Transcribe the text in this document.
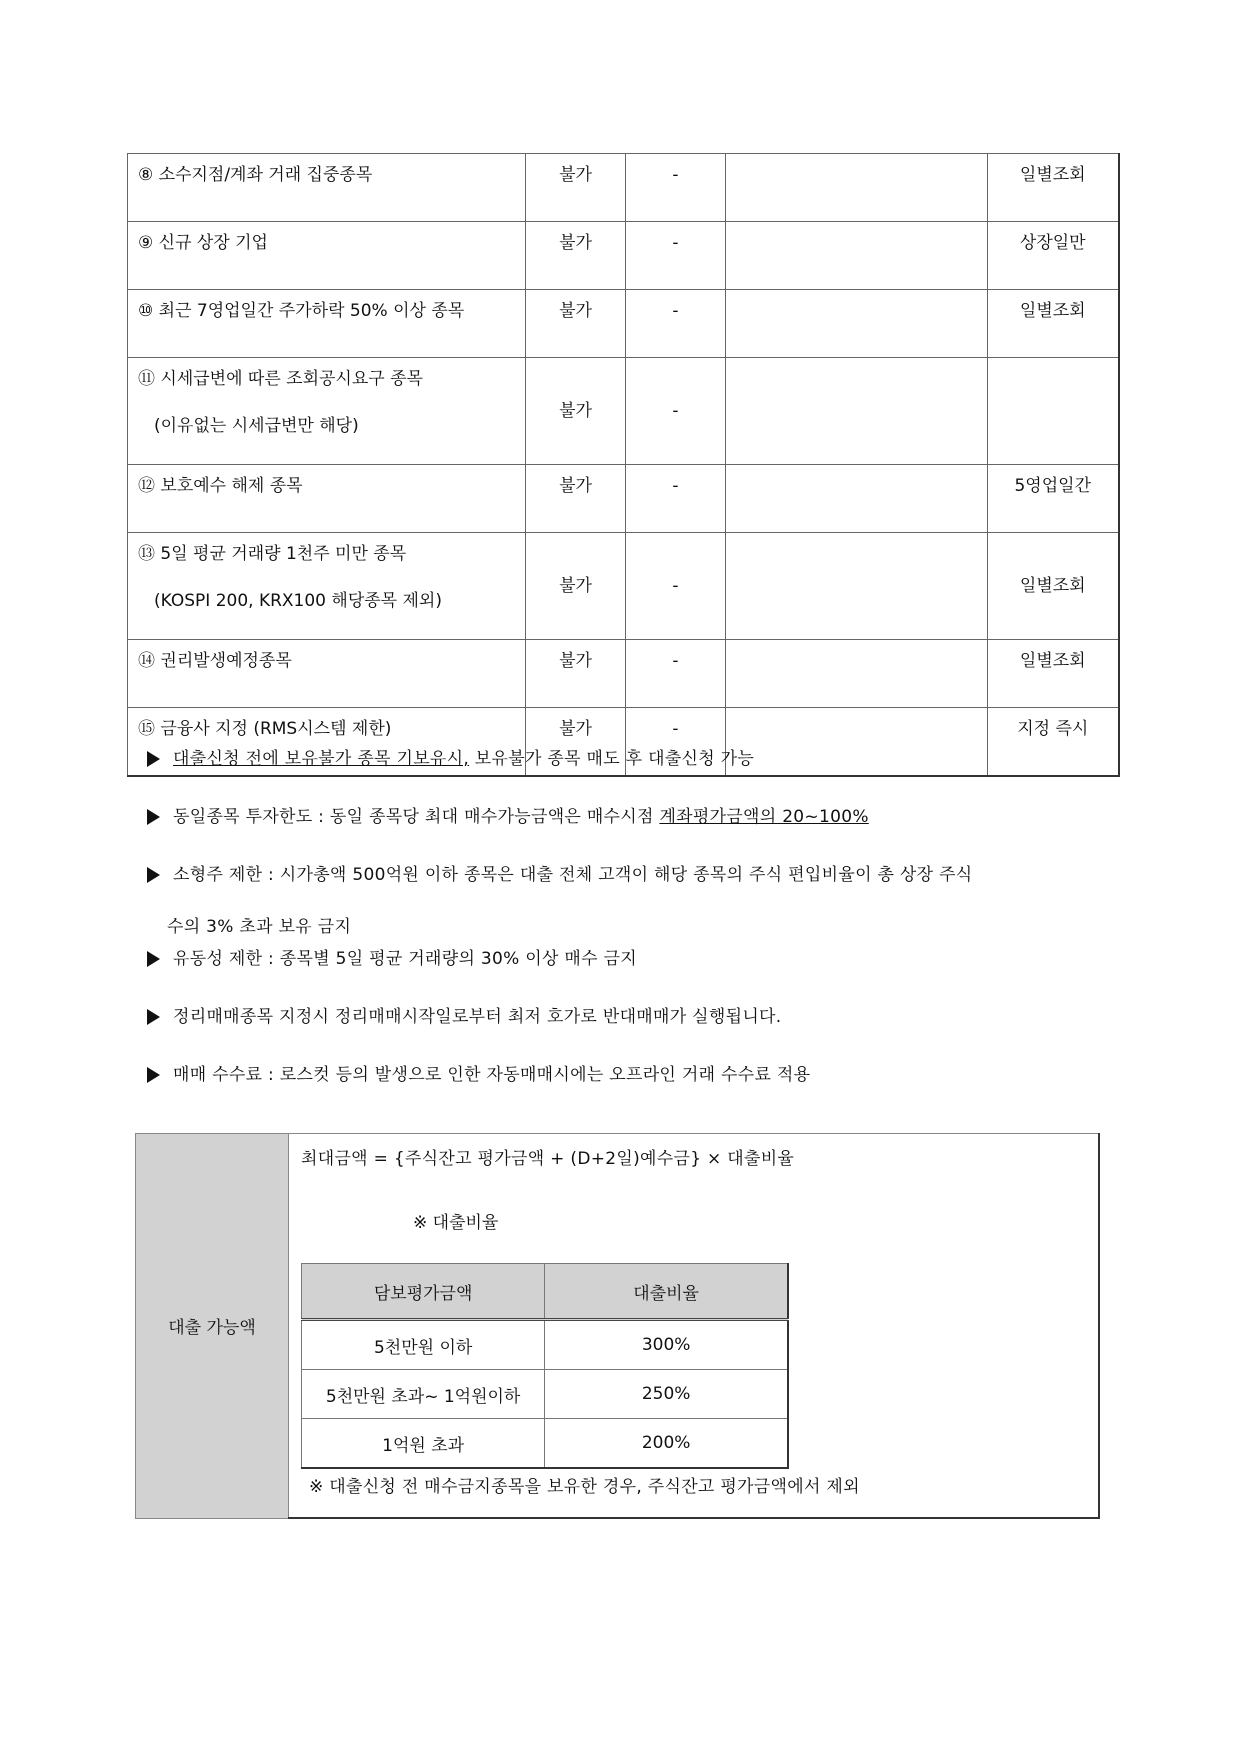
⑧ 소수지점/계좌 거래 집중종목	불가	-		일별조회
⑨ 신규 상장 기업	불가	-		상장일만
⑩ 최근 7영업일간 주가하락 50% 이상 종목	불가	-		일별조회
⑪ 시세급변에 따른 조회공시요구 종목
(이유없는 시세급변만 해당)	불가	-		
⑫ 보호예수 해제 종목	불가	-		5영업일간
⑬ 5일 평균 거래량 1천주 미만 종목
(KOSPI 200, KRX100 해당종목 제외)	불가	-		일별조회
⑭ 권리발생예정종목	불가	-		일별조회
⑮ 금융사 지정 (RMS시스템 제한)	불가	-		지정 즉시
대출신청 전에 보유불가 종목 기보유시, 보유불가 종목 매도 후 대출신청 가능
동일종목 투자한도 : 동일 종목당 최대 매수가능금액은 매수시점 계좌평가금액의 20~100%
소형주 제한 : 시가총액 500억원 이하 종목은 대출 전체 고객이 해당 종목의 주식 편입비율이 총 상장 주식
수의 3% 초과 보유 금지
유동성 제한 : 종목별 5일 평균 거래량의 30% 이상 매수 금지
정리매매종목 지정시 정리매매시작일로부터 최저 호가로 반대매매가 실행됩니다.
매매 수수료 : 로스컷 등의 발생으로 인한 자동매매시에는 오프라인 거래 수수료 적용
대출 가능액	
최대금액 = {주식잔고 평가금액 + (D+2일)예수금} × 대출비율
※ 대출비율
담보평가금액	대출비율
5천만원 이하	300%
5천만원 초과~ 1억원이하	250%
1억원 초과	200%
※ 대출신청 전 매수금지종목을 보유한 경우, 주식잔고 평가금액에서 제외
